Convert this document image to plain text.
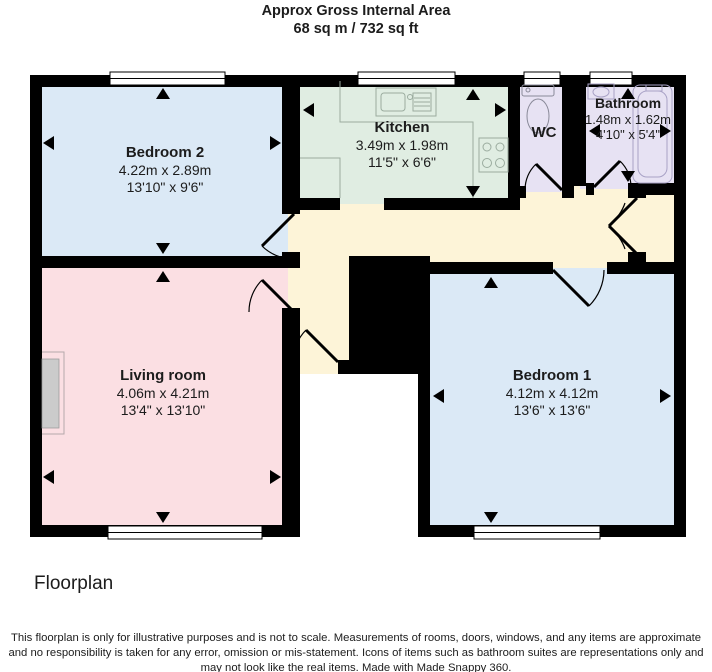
Approx Gross Internal Area
68 sq m / 732 sq ft
Bedroom 2
4.22m x 2.89m
13'10" x 9'6"
Kitchen
3.49m x 1.98m
11'5" x 6'6"
WC
Bathroom
1.48m x 1.62m
4'10" x 5'4"
Living room
4.06m x 4.21m
13'4" x 13'10"
Bedroom 1
4.12m x 4.12m
13'6" x 13'6"
Floorplan
This floorplan is only for illustrative purposes and is not to scale. Measurements of rooms, doors, windows, and any items are approximate
and no responsibility is taken for any error, omission or mis-statement. Icons of items such as bathroom suites are representations only and
may not look like the real items. Made with Made Snappy 360.
